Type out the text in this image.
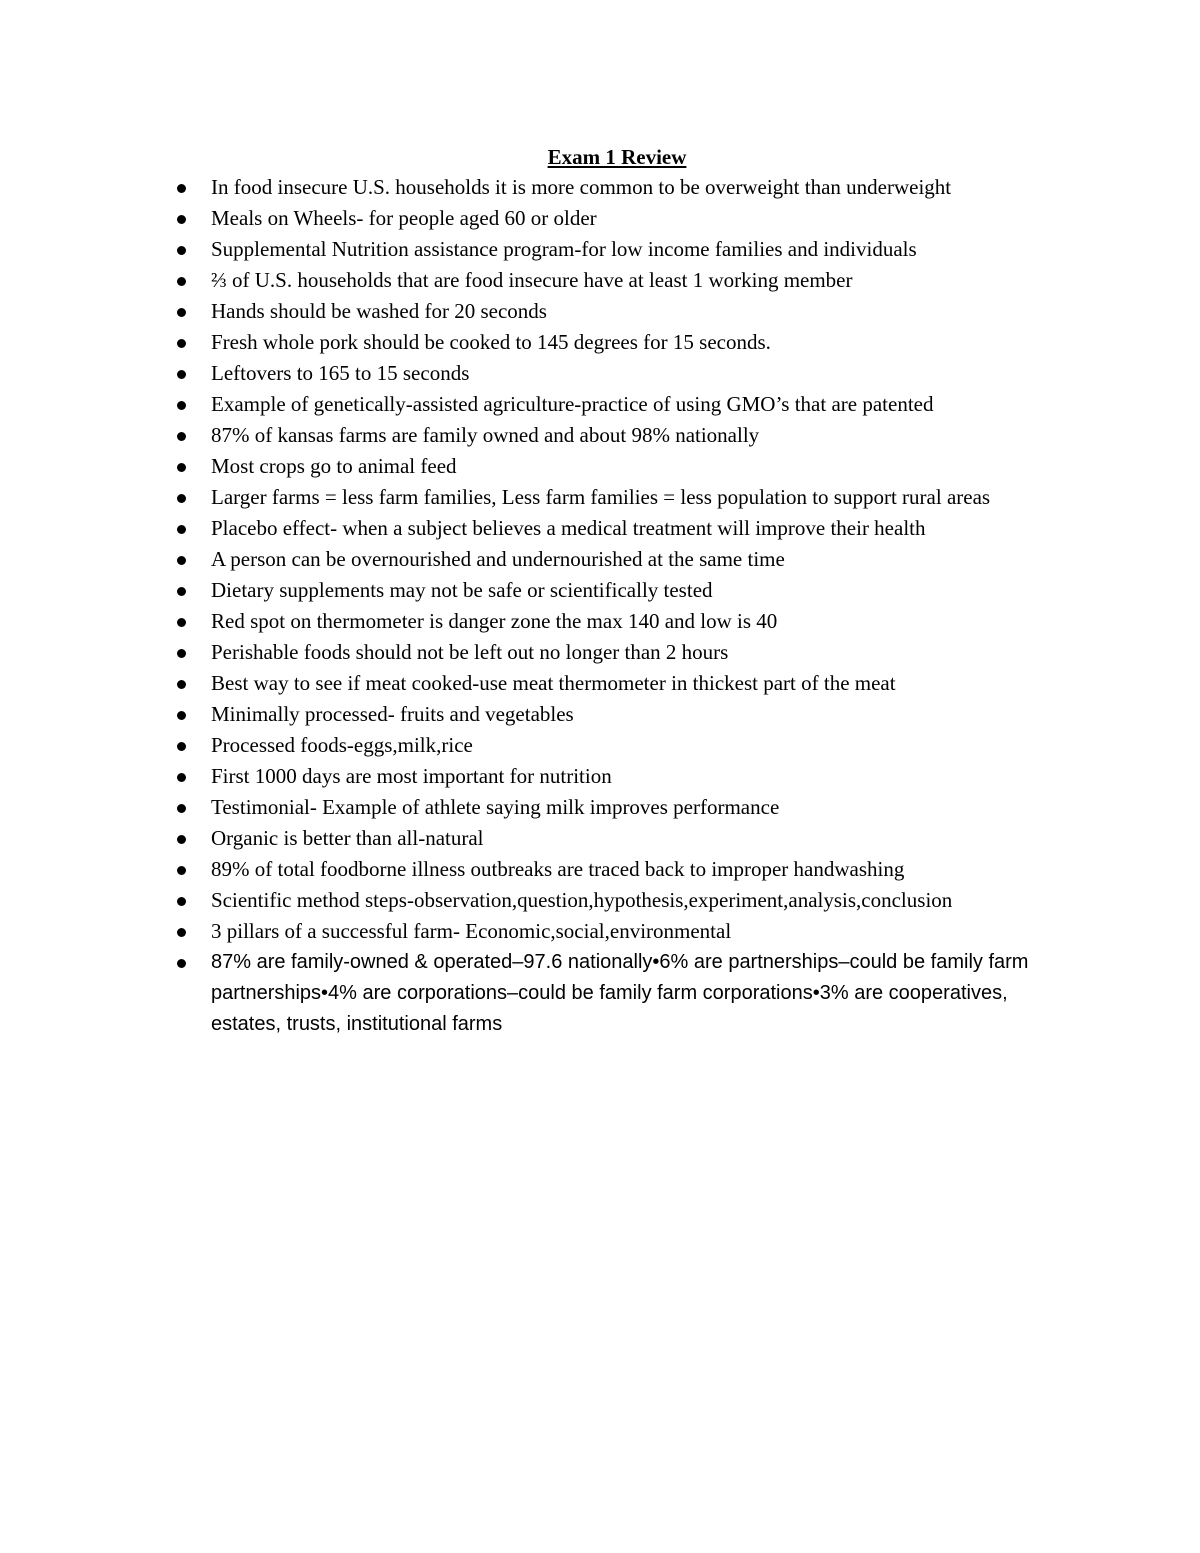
Exam 1 Review
In food insecure U.S. households it is more common to be overweight than underweight
Meals on Wheels- for people aged 60 or older
Supplemental Nutrition assistance program-for low income families and individuals
⅔ of U.S. households that are food insecure have at least 1 working member
Hands should be washed for 20 seconds
Fresh whole pork should be cooked to 145 degrees for 15 seconds.
Leftovers to 165 to 15 seconds
Example of genetically-assisted agriculture-practice of using GMO’s that are patented
87% of kansas farms are family owned and about 98% nationally
Most crops go to animal feed
Larger farms = less farm families, Less farm families = less population to support rural areas
Placebo effect- when a subject believes a medical treatment will improve their health
A person can be overnourished and undernourished at the same time
Dietary supplements may not be safe or scientifically tested
Red spot on thermometer is danger zone the max 140 and low is 40
Perishable foods should not be left out no longer than 2 hours
Best way to see if meat cooked-use meat thermometer in thickest part of the meat
Minimally processed- fruits and vegetables
Processed foods-eggs,milk,rice
First 1000 days are most important for nutrition
Testimonial- Example of athlete saying milk improves performance
Organic is better than all-natural
89% of total foodborne illness outbreaks are traced back to improper handwashing
Scientific method steps-observation,question,hypothesis,experiment,analysis,conclusion
3 pillars of a successful farm- Economic,social,environmental
87% are family-owned & operated–97.6 nationally•6% are partnerships–could be family farm partnerships•4% are corporations–could be family farm corporations•3% are cooperatives, estates, trusts, institutional farms
